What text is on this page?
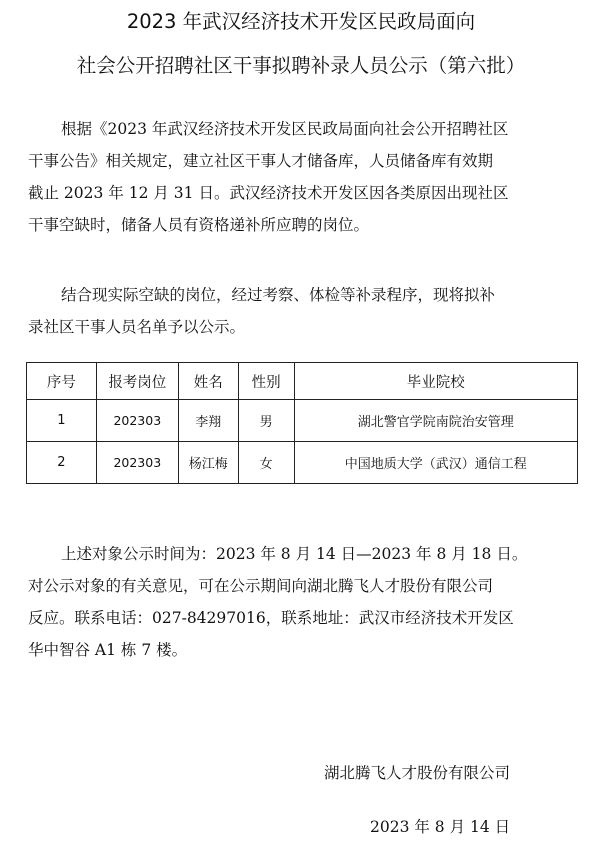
2023 年武汉经济技术开发区民政局面向
社会公开招聘社区干事拟聘补录人员公示（第六批）
根据《2023 年武汉经济技术开发区民政局面向社会公开招聘社区
干事公告》相关规定，建立社区干事人才储备库，人员储备库有效期
截止 2023 年 12 月 31 日。武汉经济技术开发区因各类原因出现社区
干事空缺时，储备人员有资格递补所应聘的岗位。
结合现实际空缺的岗位，经过考察、体检等补录程序，现将拟补
录社区干事人员名单予以公示。
序号	报考岗位	姓名	性别	毕业院校
1	202303	李翔	男	湖北警官学院南院治安管理
2	202303	杨江梅	女	中国地质大学（武汉）通信工程
上述对象公示时间为：2023 年 8 月 14 日—2023 年 8 月 18 日。
对公示对象的有关意见，可在公示期间向湖北腾飞人才股份有限公司
反应。联系电话：027-84297016，联系地址：武汉市经济技术开发区
华中智谷 A1 栋 7 楼。
湖北腾飞人才股份有限公司
2023 年 8 月 14 日
